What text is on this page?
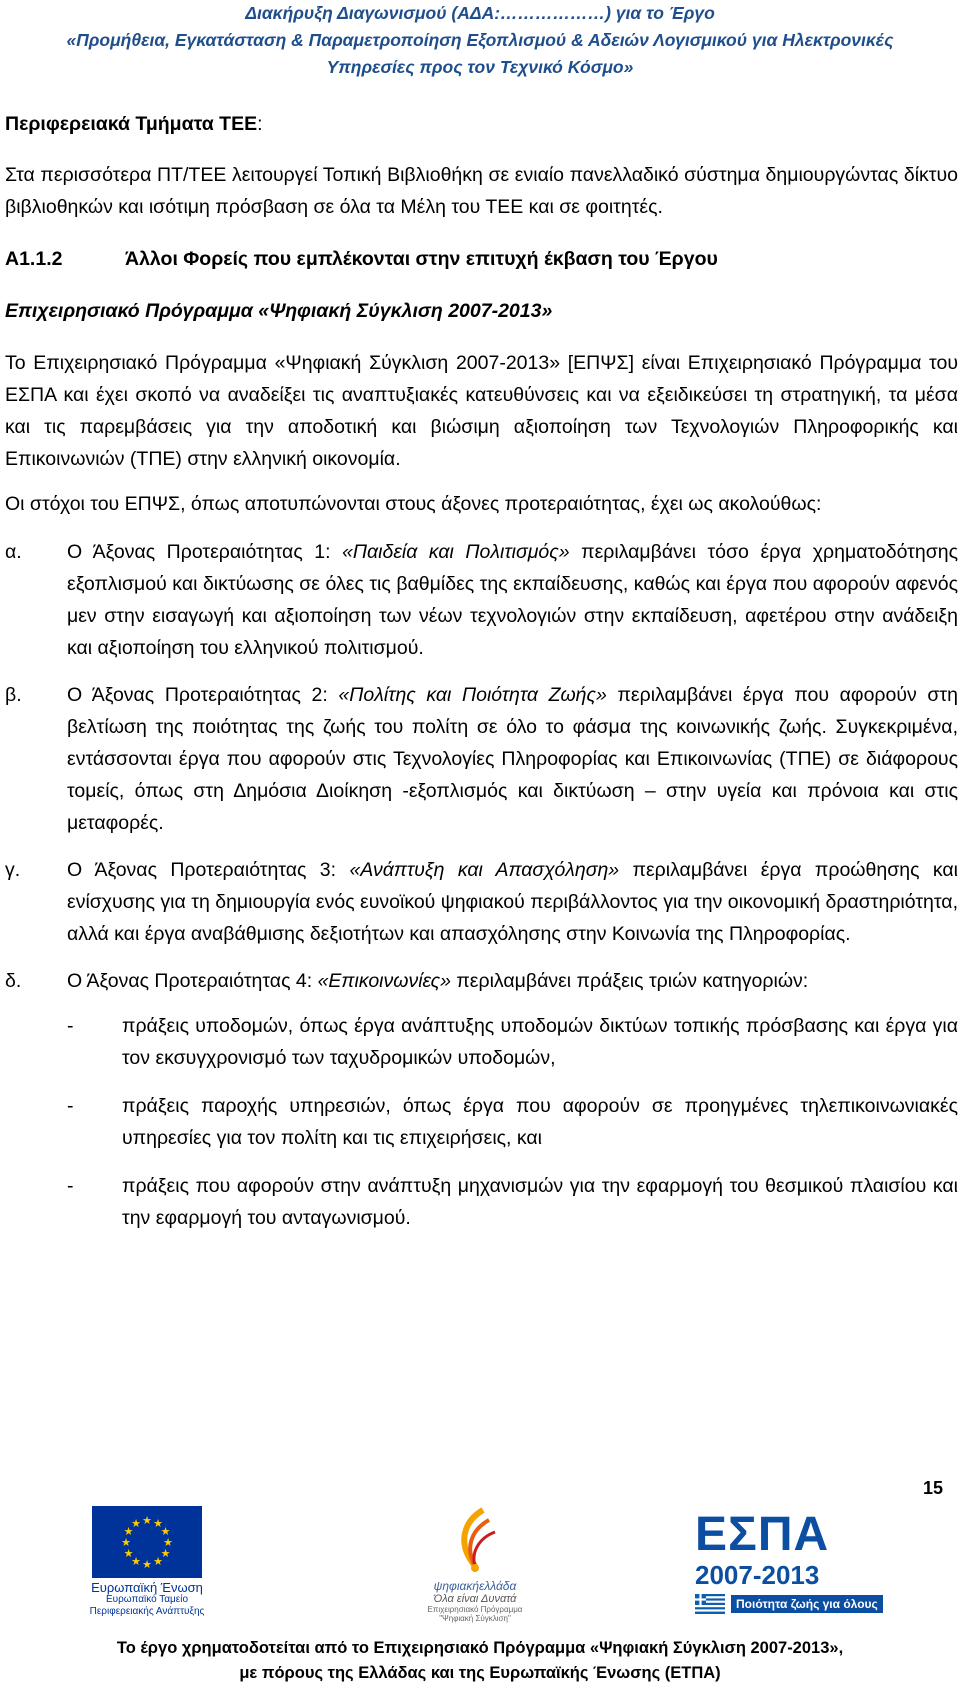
Διακήρυξη Διαγωνισμού (ΑΔΑ:………………) για το Έργο
«Προμήθεια, Εγκατάσταση & Παραμετροποίηση Εξοπλισμού & Αδειών Λογισμικού για Ηλεκτρονικές
Υπηρεσίες προς τον Τεχνικό Κόσμο»

Περιφερειακά Τμήματα ΤΕΕ:

Στα περισσότερα ΠΤ/ΤΕΕ λειτουργεί Τοπική Βιβλιοθήκη σε ενιαίο πανελλαδικό σύστημα δημιουργώντας δίκτυο βιβλιοθηκών και ισότιμη πρόσβαση σε όλα τα Μέλη του ΤΕΕ και σε φοιτητές.

Α1.1.2	Άλλοι Φορείς που εμπλέκονται στην επιτυχή έκβαση του Έργου

Επιχειρησιακό Πρόγραμμα «Ψηφιακή Σύγκλιση 2007-2013»

Το Επιχειρησιακό Πρόγραμμα «Ψηφιακή Σύγκλιση 2007-2013» [ΕΠΨΣ] είναι Επιχειρησιακό Πρόγραμμα του ΕΣΠΑ και έχει σκοπό να αναδείξει τις αναπτυξιακές κατευθύνσεις και να εξειδικεύσει τη στρατηγική, τα μέσα και τις παρεμβάσεις για την αποδοτική και βιώσιμη αξιοποίηση των Τεχνολογιών Πληροφορικής και Επικοινωνιών (ΤΠΕ) στην ελληνική οικονομία.

Οι στόχοι του ΕΠΨΣ, όπως αποτυπώνονται στους άξονες προτεραιότητας, έχει ως ακολούθως:

α.	Ο Άξονας Προτεραιότητας 1: «Παιδεία και Πολιτισμός» περιλαμβάνει τόσο έργα χρηματοδότησης εξοπλισμού και δικτύωσης σε όλες τις βαθμίδες της εκπαίδευσης, καθώς και έργα που αφορούν αφενός μεν στην εισαγωγή και αξιοποίηση των νέων τεχνολογιών στην εκπαίδευση, αφετέρου στην ανάδειξη και αξιοποίηση του ελληνικού πολιτισμού.

β.	Ο Άξονας Προτεραιότητας 2: «Πολίτης και Ποιότητα Ζωής» περιλαμβάνει έργα που αφορούν στη βελτίωση της ποιότητας της ζωής του πολίτη σε όλο το φάσμα της κοινωνικής ζωής. Συγκεκριμένα, εντάσσονται έργα που αφορούν στις Τεχνολογίες Πληροφορίας και Επικοινωνίας (ΤΠΕ) σε διάφορους τομείς, όπως στη Δημόσια Διοίκηση -εξοπλισμός και δικτύωση – στην υγεία και πρόνοια και στις μεταφορές.

γ.	Ο Άξονας Προτεραιότητας 3: «Ανάπτυξη και Απασχόληση» περιλαμβάνει έργα προώθησης και ενίσχυσης για τη δημιουργία ενός ευνοϊκού ψηφιακού περιβάλλοντος για την οικονομική δραστηριότητα, αλλά και έργα αναβάθμισης δεξιοτήτων και απασχόλησης στην Κοινωνία της Πληροφορίας.

δ.	Ο Άξονας Προτεραιότητας 4: «Επικοινωνίες» περιλαμβάνει πράξεις τριών κατηγοριών:

-	πράξεις υποδομών, όπως έργα ανάπτυξης υποδομών δικτύων τοπικής πρόσβασης και έργα για τον εκσυγχρονισμό των ταχυδρομικών υποδομών,

-	πράξεις παροχής υπηρεσιών, όπως έργα που αφορούν σε προηγμένες τηλεπικοινωνιακές υπηρεσίες για τον πολίτη και τις επιχειρήσεις, και

-	πράξεις που αφορούν στην ανάπτυξη μηχανισμών για την εφαρμογή του θεσμικού πλαισίου και την εφαρμογή του ανταγωνισμού.

15
★ ★
★
★
★
★
★
★
★
★
★
★
Ευρωπαϊκή Ένωση
Ευρωπαϊκό Ταμείο
Περιφερειακής Ανάπτυξης
ψηφιακήελλάδα
Όλα είναι Δυνατά
Επιχειρησιακό Πρόγραμμα
"Ψηφιακή Σύγκλιση"
ΕΣΠΑ
2007-2013
Ποιότητα ζωής για όλους
Το έργο χρηματοδοτείται από το Επιχειρησιακό Πρόγραμμα «Ψηφιακή Σύγκλιση 2007-2013»,
με πόρους της Ελλάδας και της Ευρωπαϊκής Ένωσης (ΕΤΠΑ)
